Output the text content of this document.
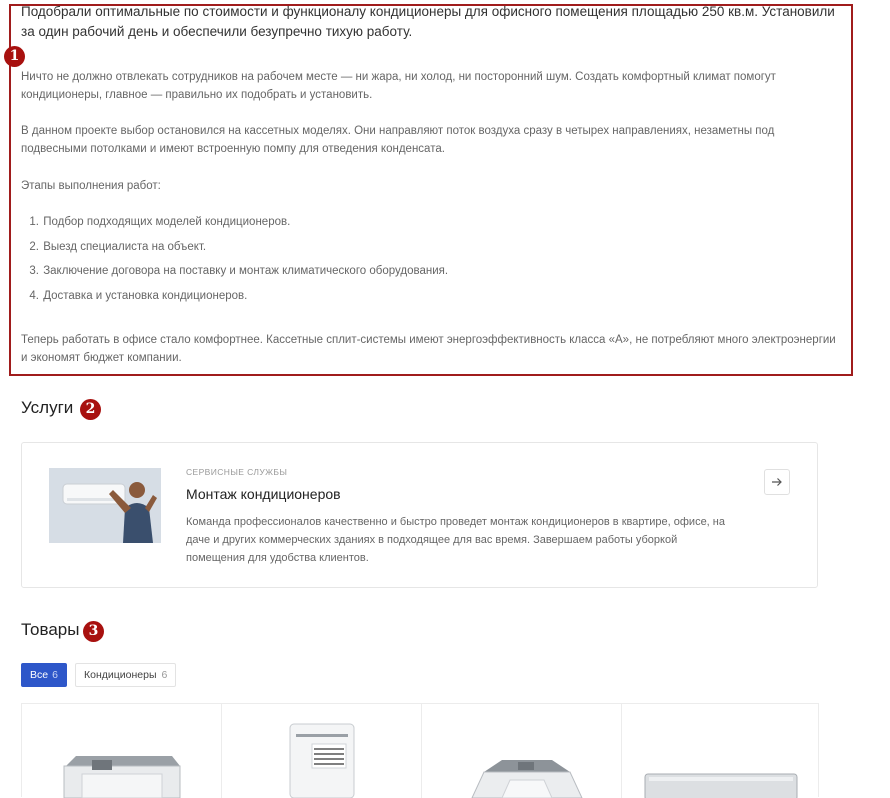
Подобрали оптимальные по стоимости и функционалу кондиционеры для офисного помещения площадью 250 кв.м. Установили за один рабочий день и обеспечили безупречно тихую работу.

1

Ничто не должно отвлекать сотрудников на рабочем месте — ни жара, ни холод, ни посторонний шум. Создать комфортный климат помогут кондиционеры, главное — правильно их подобрать и установить.

В данном проекте выбор остановился на кассетных моделях. Они направляют поток воздуха сразу в четырех направлениях, незаметны под подвесными потолками и имеют встроенную помпу для отведения конденсата.

Этапы выполнения работ:

1. Подбор подходящих моделей кондиционеров.
2. Выезд специалиста на объект.
3. Заключение договора на поставку и монтаж климатического оборудования.
4. Доставка и установка кондиционеров.

Теперь работать в офисе стало комфортнее. Кассетные сплит-системы имеют энергоэффективность класса «А», не потребляют много электроэнергии и экономят бюджет компании.

Услуги 2
СЕРВИСНЫЕ СЛУЖБЫ
Монтаж кондиционеров
Команда профессионалов качественно и быстро проведет монтаж кондиционеров в квартире, офисе, на даче и других коммерческих зданиях в подходящее для вас время. Завершаем работы уборкой помещения для удобства клиентов.
Товары 3
Все 6	Кондиционеры 6
